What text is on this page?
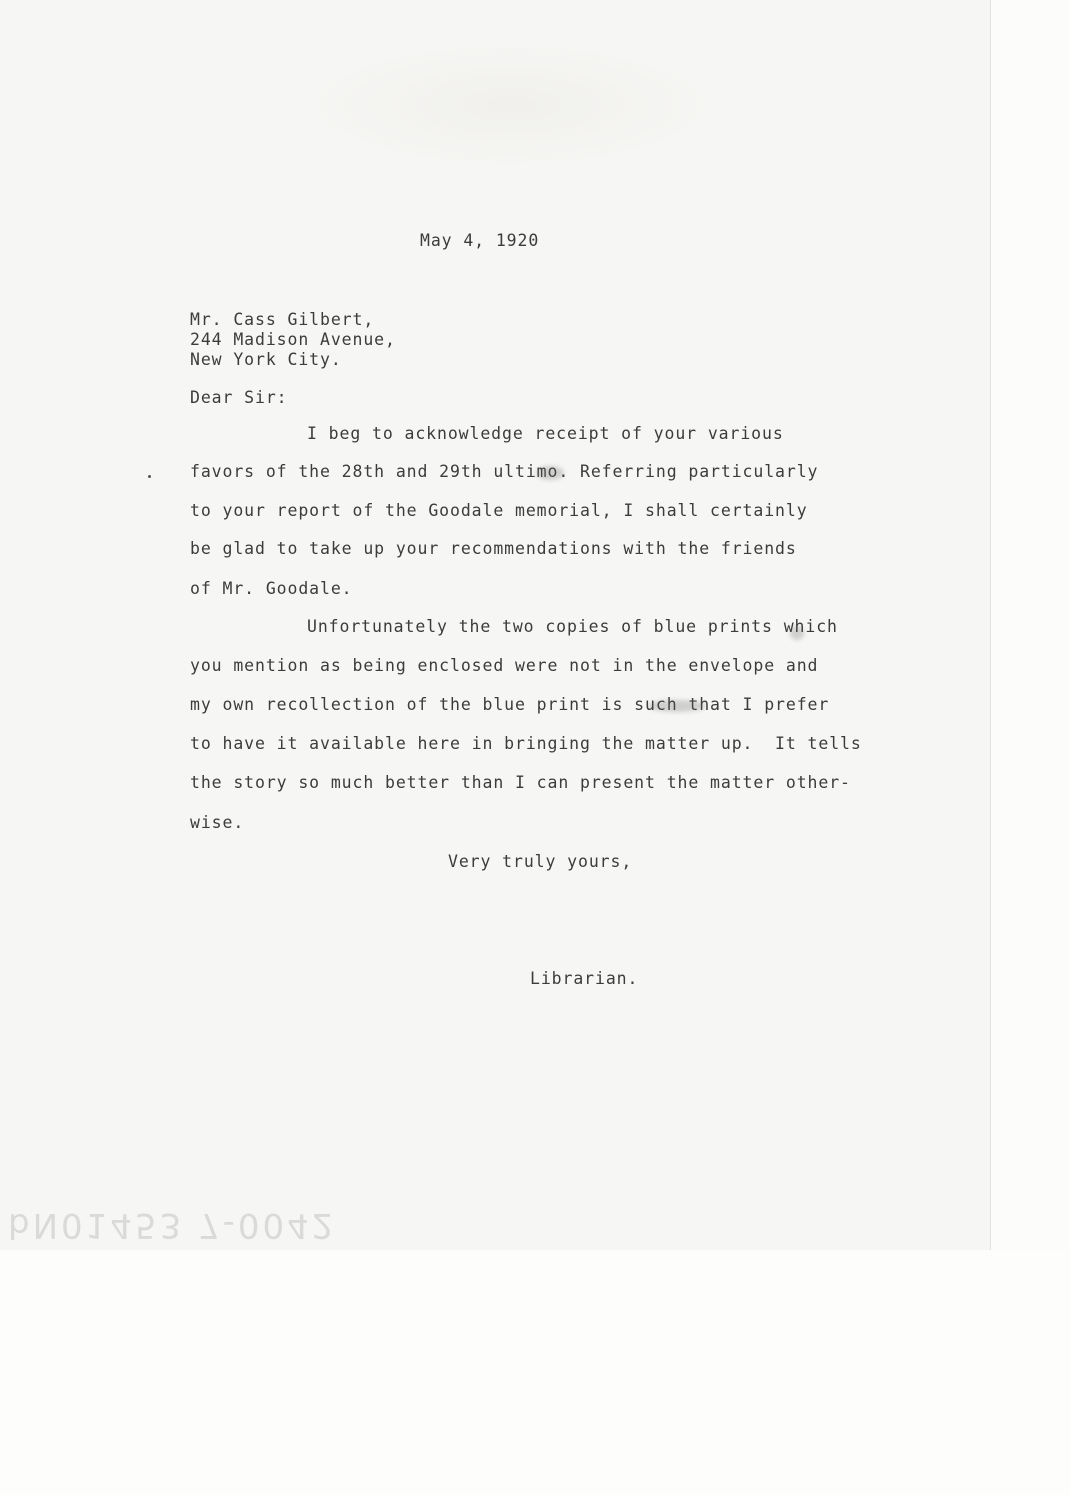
May 4, 1920
Mr. Cass Gilbert,
244 Madison Avenue,
New York City.
Dear Sir:
I beg to acknowledge receipt of your various
favors of the 28th and 29th ultimo. Referring particularly
to your report of the Goodale memorial, I shall certainly
be glad to take up your recommendations with the friends
of Mr. Goodale.
Unfortunately the two copies of blue prints which
you mention as being enclosed were not in the envelope and
my own recollection of the blue print is such that I prefer
to have it available here in bringing the matter up.  It tells
the story so much better than I can present the matter other-
wise.
Very truly yours,
Librarian.
bN01453 7-0042
